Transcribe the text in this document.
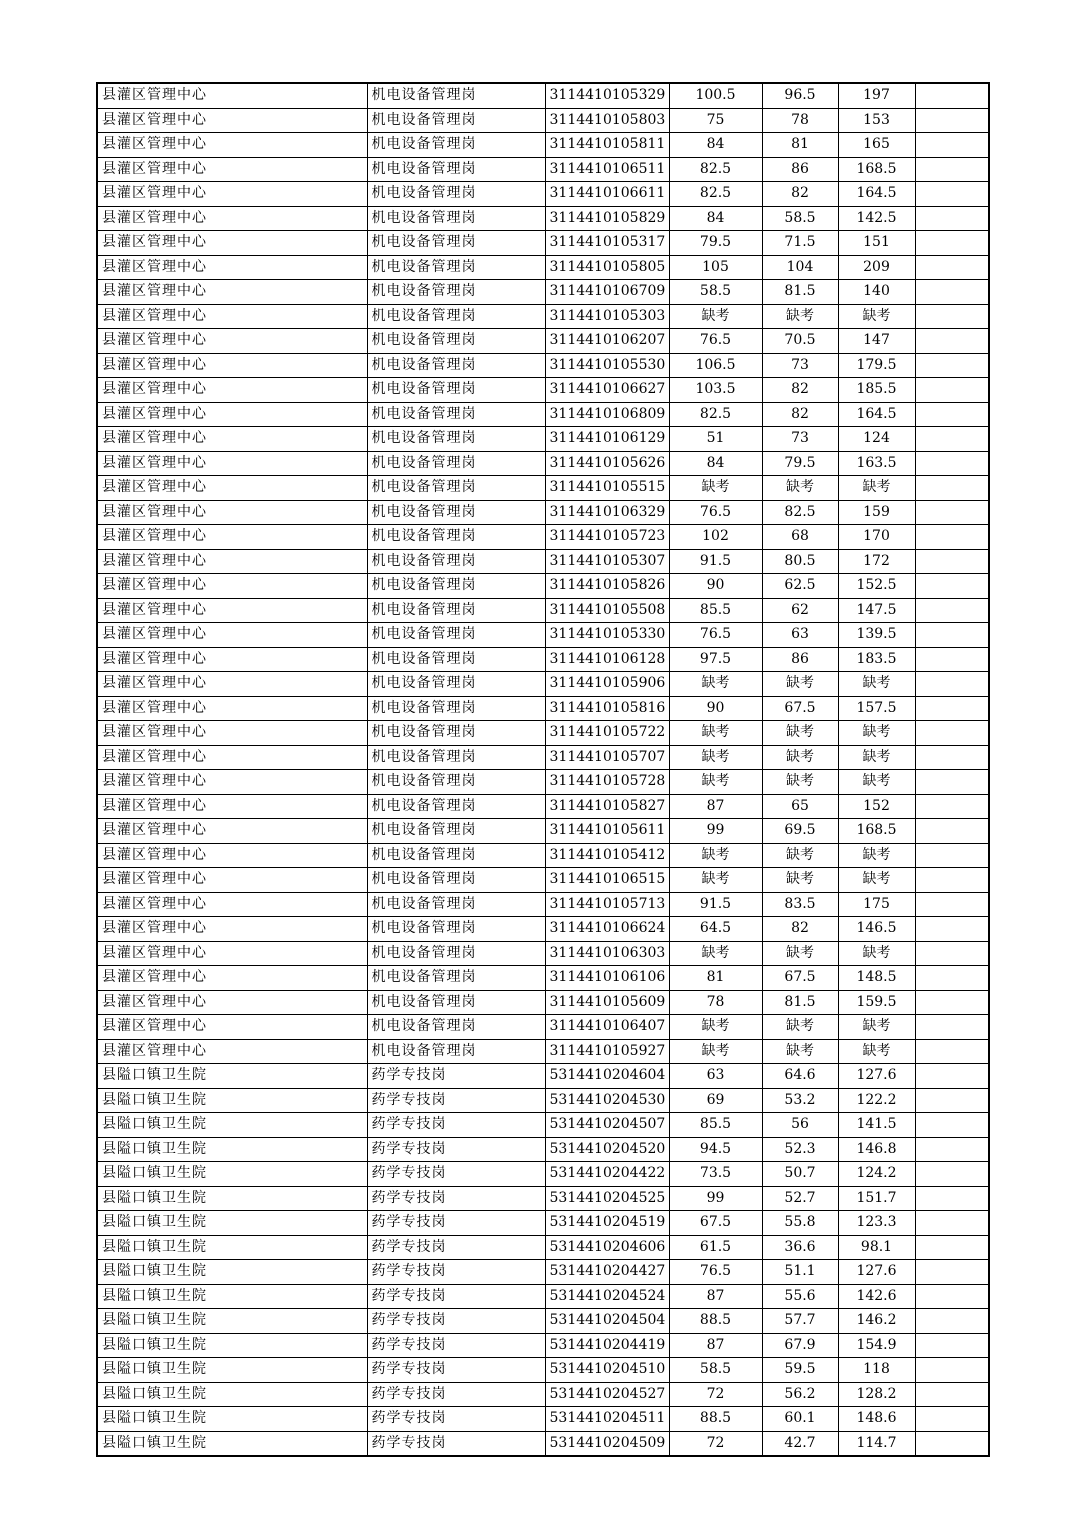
县灌区管理中心	机电设备管理岗	3114410105329	100.5	96.5	197	
县灌区管理中心	机电设备管理岗	3114410105803	75	78	153	
县灌区管理中心	机电设备管理岗	3114410105811	84	81	165	
县灌区管理中心	机电设备管理岗	3114410106511	82.5	86	168.5	
县灌区管理中心	机电设备管理岗	3114410106611	82.5	82	164.5	
县灌区管理中心	机电设备管理岗	3114410105829	84	58.5	142.5	
县灌区管理中心	机电设备管理岗	3114410105317	79.5	71.5	151	
县灌区管理中心	机电设备管理岗	3114410105805	105	104	209	
县灌区管理中心	机电设备管理岗	3114410106709	58.5	81.5	140	
县灌区管理中心	机电设备管理岗	3114410105303	缺考	缺考	缺考	
县灌区管理中心	机电设备管理岗	3114410106207	76.5	70.5	147	
县灌区管理中心	机电设备管理岗	3114410105530	106.5	73	179.5	
县灌区管理中心	机电设备管理岗	3114410106627	103.5	82	185.5	
县灌区管理中心	机电设备管理岗	3114410106809	82.5	82	164.5	
县灌区管理中心	机电设备管理岗	3114410106129	51	73	124	
县灌区管理中心	机电设备管理岗	3114410105626	84	79.5	163.5	
县灌区管理中心	机电设备管理岗	3114410105515	缺考	缺考	缺考	
县灌区管理中心	机电设备管理岗	3114410106329	76.5	82.5	159	
县灌区管理中心	机电设备管理岗	3114410105723	102	68	170	
县灌区管理中心	机电设备管理岗	3114410105307	91.5	80.5	172	
县灌区管理中心	机电设备管理岗	3114410105826	90	62.5	152.5	
县灌区管理中心	机电设备管理岗	3114410105508	85.5	62	147.5	
县灌区管理中心	机电设备管理岗	3114410105330	76.5	63	139.5	
县灌区管理中心	机电设备管理岗	3114410106128	97.5	86	183.5	
县灌区管理中心	机电设备管理岗	3114410105906	缺考	缺考	缺考	
县灌区管理中心	机电设备管理岗	3114410105816	90	67.5	157.5	
县灌区管理中心	机电设备管理岗	3114410105722	缺考	缺考	缺考	
县灌区管理中心	机电设备管理岗	3114410105707	缺考	缺考	缺考	
县灌区管理中心	机电设备管理岗	3114410105728	缺考	缺考	缺考	
县灌区管理中心	机电设备管理岗	3114410105827	87	65	152	
县灌区管理中心	机电设备管理岗	3114410105611	99	69.5	168.5	
县灌区管理中心	机电设备管理岗	3114410105412	缺考	缺考	缺考	
县灌区管理中心	机电设备管理岗	3114410106515	缺考	缺考	缺考	
县灌区管理中心	机电设备管理岗	3114410105713	91.5	83.5	175	
县灌区管理中心	机电设备管理岗	3114410106624	64.5	82	146.5	
县灌区管理中心	机电设备管理岗	3114410106303	缺考	缺考	缺考	
县灌区管理中心	机电设备管理岗	3114410106106	81	67.5	148.5	
县灌区管理中心	机电设备管理岗	3114410105609	78	81.5	159.5	
县灌区管理中心	机电设备管理岗	3114410106407	缺考	缺考	缺考	
县灌区管理中心	机电设备管理岗	3114410105927	缺考	缺考	缺考	
县隘口镇卫生院	药学专技岗	5314410204604	63	64.6	127.6	
县隘口镇卫生院	药学专技岗	5314410204530	69	53.2	122.2	
县隘口镇卫生院	药学专技岗	5314410204507	85.5	56	141.5	
县隘口镇卫生院	药学专技岗	5314410204520	94.5	52.3	146.8	
县隘口镇卫生院	药学专技岗	5314410204422	73.5	50.7	124.2	
县隘口镇卫生院	药学专技岗	5314410204525	99	52.7	151.7	
县隘口镇卫生院	药学专技岗	5314410204519	67.5	55.8	123.3	
县隘口镇卫生院	药学专技岗	5314410204606	61.5	36.6	98.1	
县隘口镇卫生院	药学专技岗	5314410204427	76.5	51.1	127.6	
县隘口镇卫生院	药学专技岗	5314410204524	87	55.6	142.6	
县隘口镇卫生院	药学专技岗	5314410204504	88.5	57.7	146.2	
县隘口镇卫生院	药学专技岗	5314410204419	87	67.9	154.9	
县隘口镇卫生院	药学专技岗	5314410204510	58.5	59.5	118	
县隘口镇卫生院	药学专技岗	5314410204527	72	56.2	128.2	
县隘口镇卫生院	药学专技岗	5314410204511	88.5	60.1	148.6	
县隘口镇卫生院	药学专技岗	5314410204509	72	42.7	114.7	
